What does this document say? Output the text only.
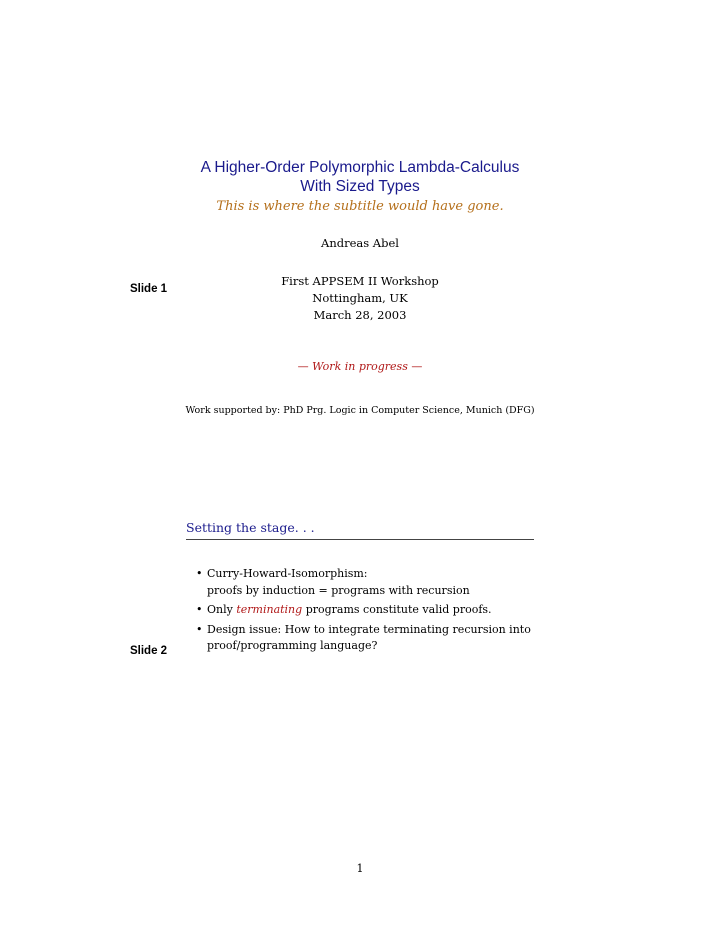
Slide 1
A Higher-Order Polymorphic Lambda-Calculus
With Sized Types
This is where the subtitle would have gone.
Andreas Abel
First APPSEM II Workshop
Nottingham, UK
March 28, 2003
— Work in progress —
Work supported by: PhD Prg. Logic in Computer Science, Munich (DFG)
Setting the stage. . .
• Curry-Howard-Isomorphism:
proofs by induction = programs with recursion
• Only terminating programs constitute valid proofs.
• Design issue: How to integrate terminating recursion into
proof/programming language?
Slide 2
1
